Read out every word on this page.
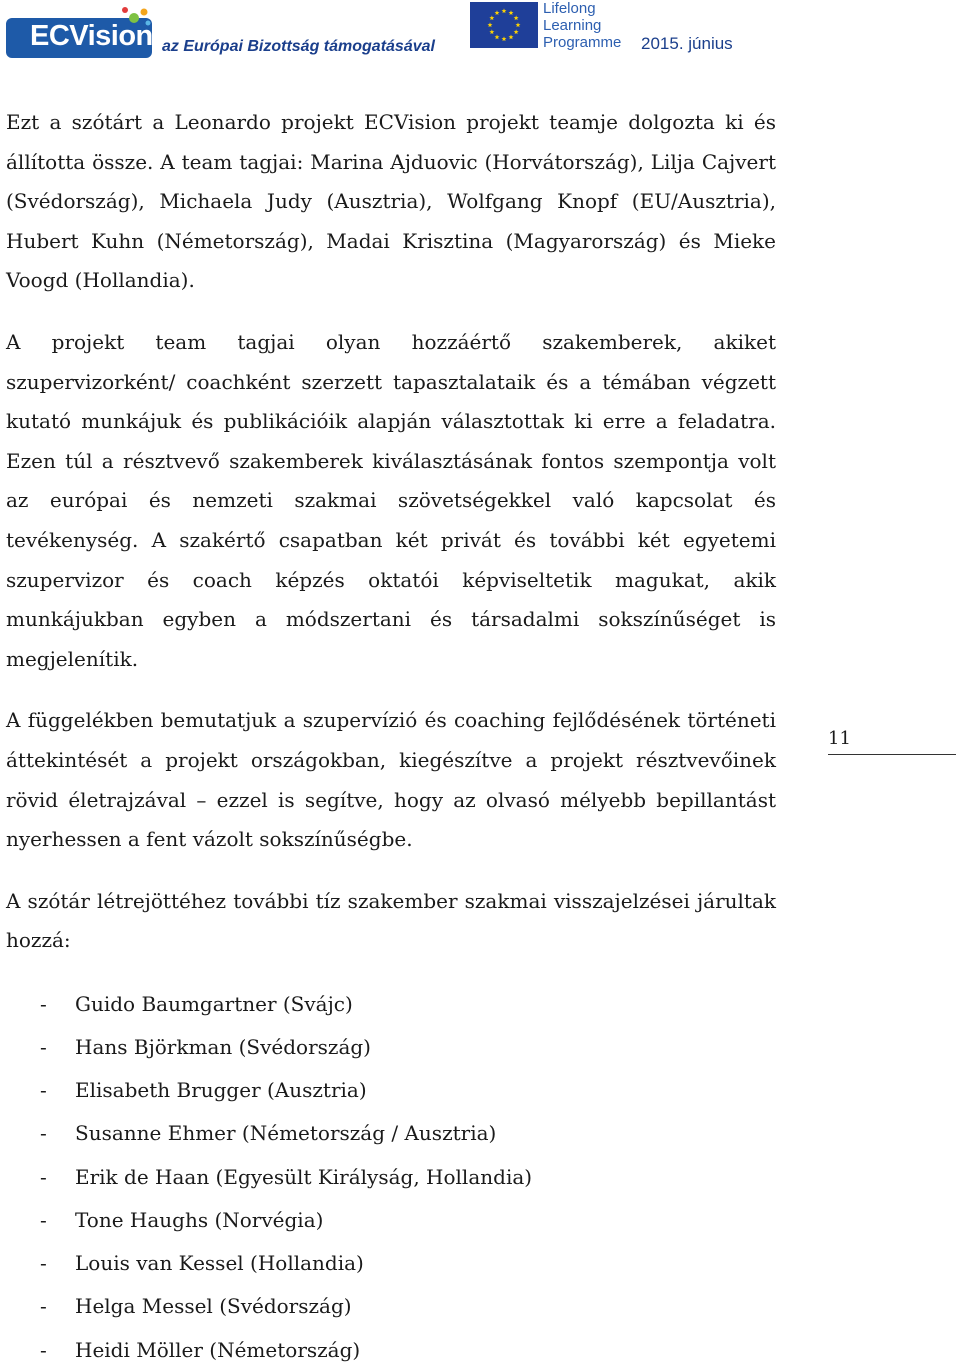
ECVision az Európai Bizottság támogatásával
Lifelong
Learning
Programme 2015. június

Ezt a szótárt a Leonardo projekt ECVision projekt teamje dolgozta ki és állította össze. A team tagjai: Marina Ajduovic (Horvátország), Lilja Cajvert (Svédország), Michaela Judy (Ausztria), Wolfgang Knopf (EU/Ausztria), Hubert Kuhn (Németország), Madai Krisztina (Magyarország) és Mieke Voogd (Hollandia).

A projekt team tagjai olyan hozzáértő szakemberek, akiket szupervizorként/ coachként szerzett tapasztalataik és a témában végzett kutató munkájuk és publikációik alapján választottak ki erre a feladatra. Ezen túl a résztvevő szakemberek kiválasztásának fontos szempontja volt az európai és nemzeti szakmai szövetségekkel való kapcsolat és tevékenység. A szakértő csapatban két privát és további két egyetemi szupervizor és coach képzés oktatói képviseltetik magukat, akik munkájukban egyben a módszertani és társadalmi sokszínűséget is megjelenítik.

A függelékben bemutatjuk a szupervízió és coaching fejlődésének történeti áttekintését a projekt országokban, kiegészítve a projekt résztvevőinek rövid életrajzával – ezzel is segítve, hogy az olvasó mélyebb bepillantást nyerhessen a fent vázolt sokszínűségbe.

A szótár létrejöttéhez további tíz szakember szakmai visszajelzései járultak hozzá:

- Guido Baumgartner (Svájc)
- Hans Björkman (Svédország)
- Elisabeth Brugger (Ausztria)
- Susanne Ehmer (Németország / Ausztria)
- Erik de Haan (Egyesült Királyság, Hollandia)
- Tone Haughs (Norvégia)
- Louis van Kessel (Hollandia)
- Helga Messel (Svédország)
- Heidi Möller (Németország)
11
